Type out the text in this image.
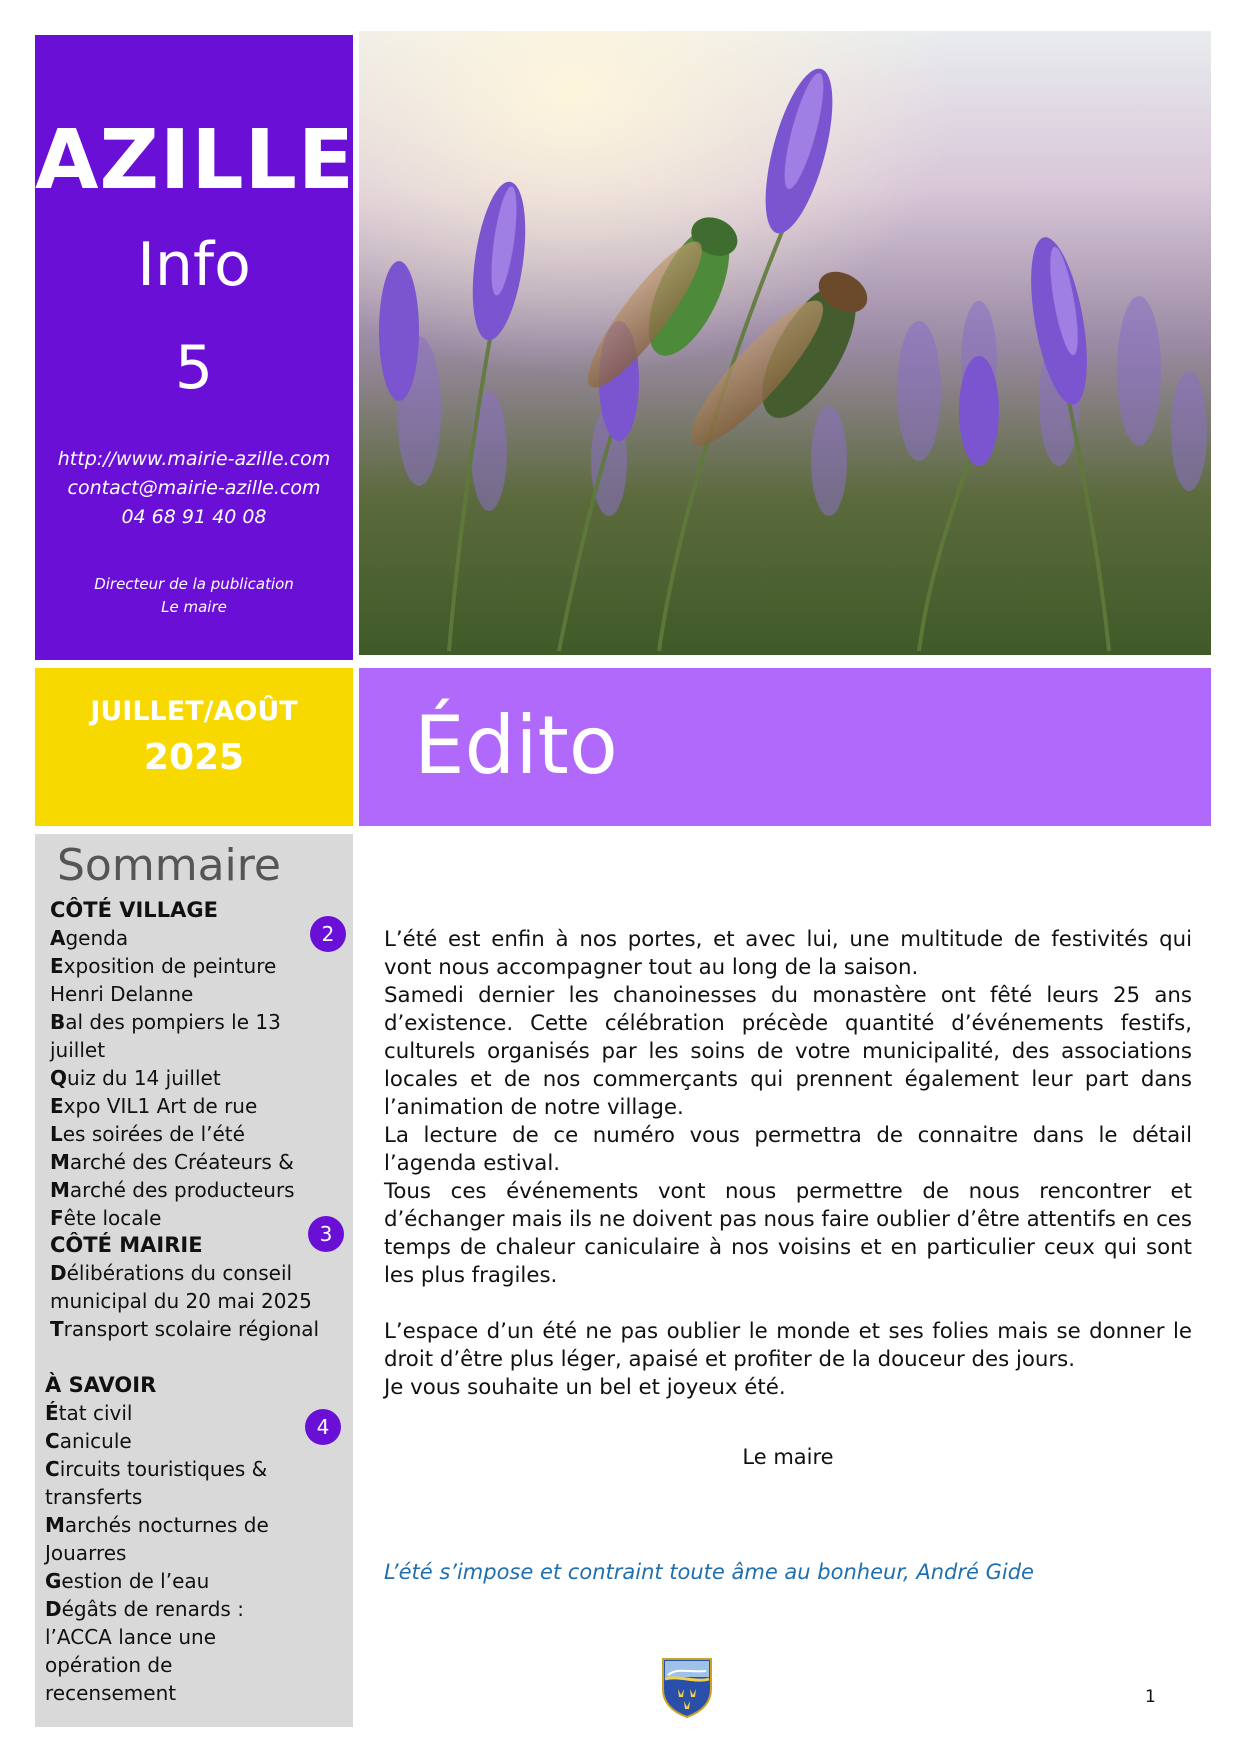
AZILLE
Info
5
http://www.mairie-azille.com
contact@mairie-azille.com
04 68 91 40 08
Directeur de la publication
Le maire
JUILLET/AOÛT
2025	Édito
Sommaire
CÔTÉ VILLAGE
2
Agenda
Exposition de peinture Henri Delanne
Bal des pompiers le 13 juillet
Quiz du 14 juillet
Expo VIL1 Art de rue
Les soirées de l’été
Marché des Créateurs &
Marché des producteurs
Fête locale
CÔTÉ MAIRIE	3
Délibérations du conseil municipal du 20 mai 2025
Transport scolaire régional
À SAVOIR
4
État civil
Canicule
Circuits touristiques & transferts
Marchés nocturnes de Jouarres
Gestion de l’eau
Dégâts de renards : l’ACCA lance une opération de recensement

L’été est enfin à nos portes, et avec lui, une multitude de festivités qui vont nous accompagner tout au long de la saison.

Samedi dernier les chanoinesses du monastère ont fêté leurs 25 ans d’existence. Cette célébration précède quantité d’événements festifs, culturels organisés par les soins de votre municipalité, des associations locales et de nos commerçants qui prennent également leur part dans l’animation de notre village.

La lecture de ce numéro vous permettra de connaitre dans le détail l’agenda estival.

Tous ces événements vont nous permettre de nous rencontrer et d’échanger mais ils ne doivent pas nous faire oublier d’être attentifs en ces temps de chaleur caniculaire à nos voisins et en particulier ceux qui sont les plus fragiles.

L’espace d’un été ne pas oublier le monde et ses folies mais se donner le droit d’être plus léger, apaisé et profiter de la douceur des jours.

Je vous souhaite un bel et joyeux été.

Le maire
L’été s’impose et contraint toute âme au bonheur, André Gide
1
